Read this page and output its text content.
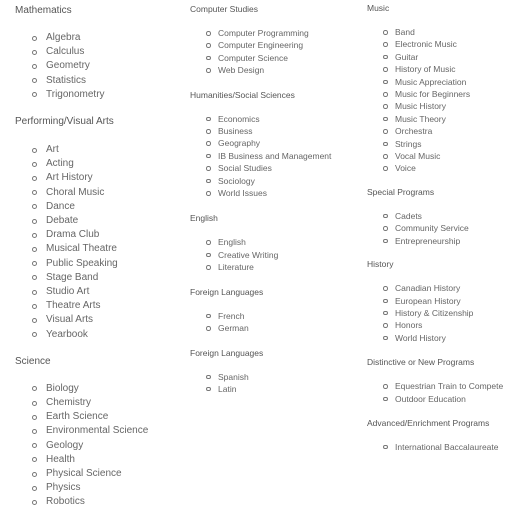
Mathematics
Algebra
Calculus
Geometry
Statistics
Trigonometry
Performing/Visual Arts
Art
Acting
Art History
Choral Music
Dance
Debate
Drama Club
Musical Theatre
Public Speaking
Stage Band
Studio Art
Theatre Arts
Visual Arts
Yearbook
Science
Biology
Chemistry
Earth Science
Environmental Science
Geology
Health
Physical Science
Physics
Robotics
Computer Studies
Computer Programming
Computer Engineering
Computer Science
Web Design
Humanities/Social Sciences
Economics
Business
Geography
IB Business and Management
Social Studies
Sociology
World Issues
English
English
Creative Writing
Literature
Foreign Languages
French
German
Foreign Languages
Spanish
Latin
Music
Band
Electronic Music
Guitar
History of Music
Music Appreciation
Music for Beginners
Music History
Music Theory
Orchestra
Strings
Vocal Music
Voice
Special Programs
Cadets
Community Service
Entrepreneurship
History
Canadian History
European History
History & Citizenship
Honors
World History
Distinctive or New Programs
Equestrian Train to Compete
Outdoor Education
Advanced/Enrichment Programs
International Baccalaureate
